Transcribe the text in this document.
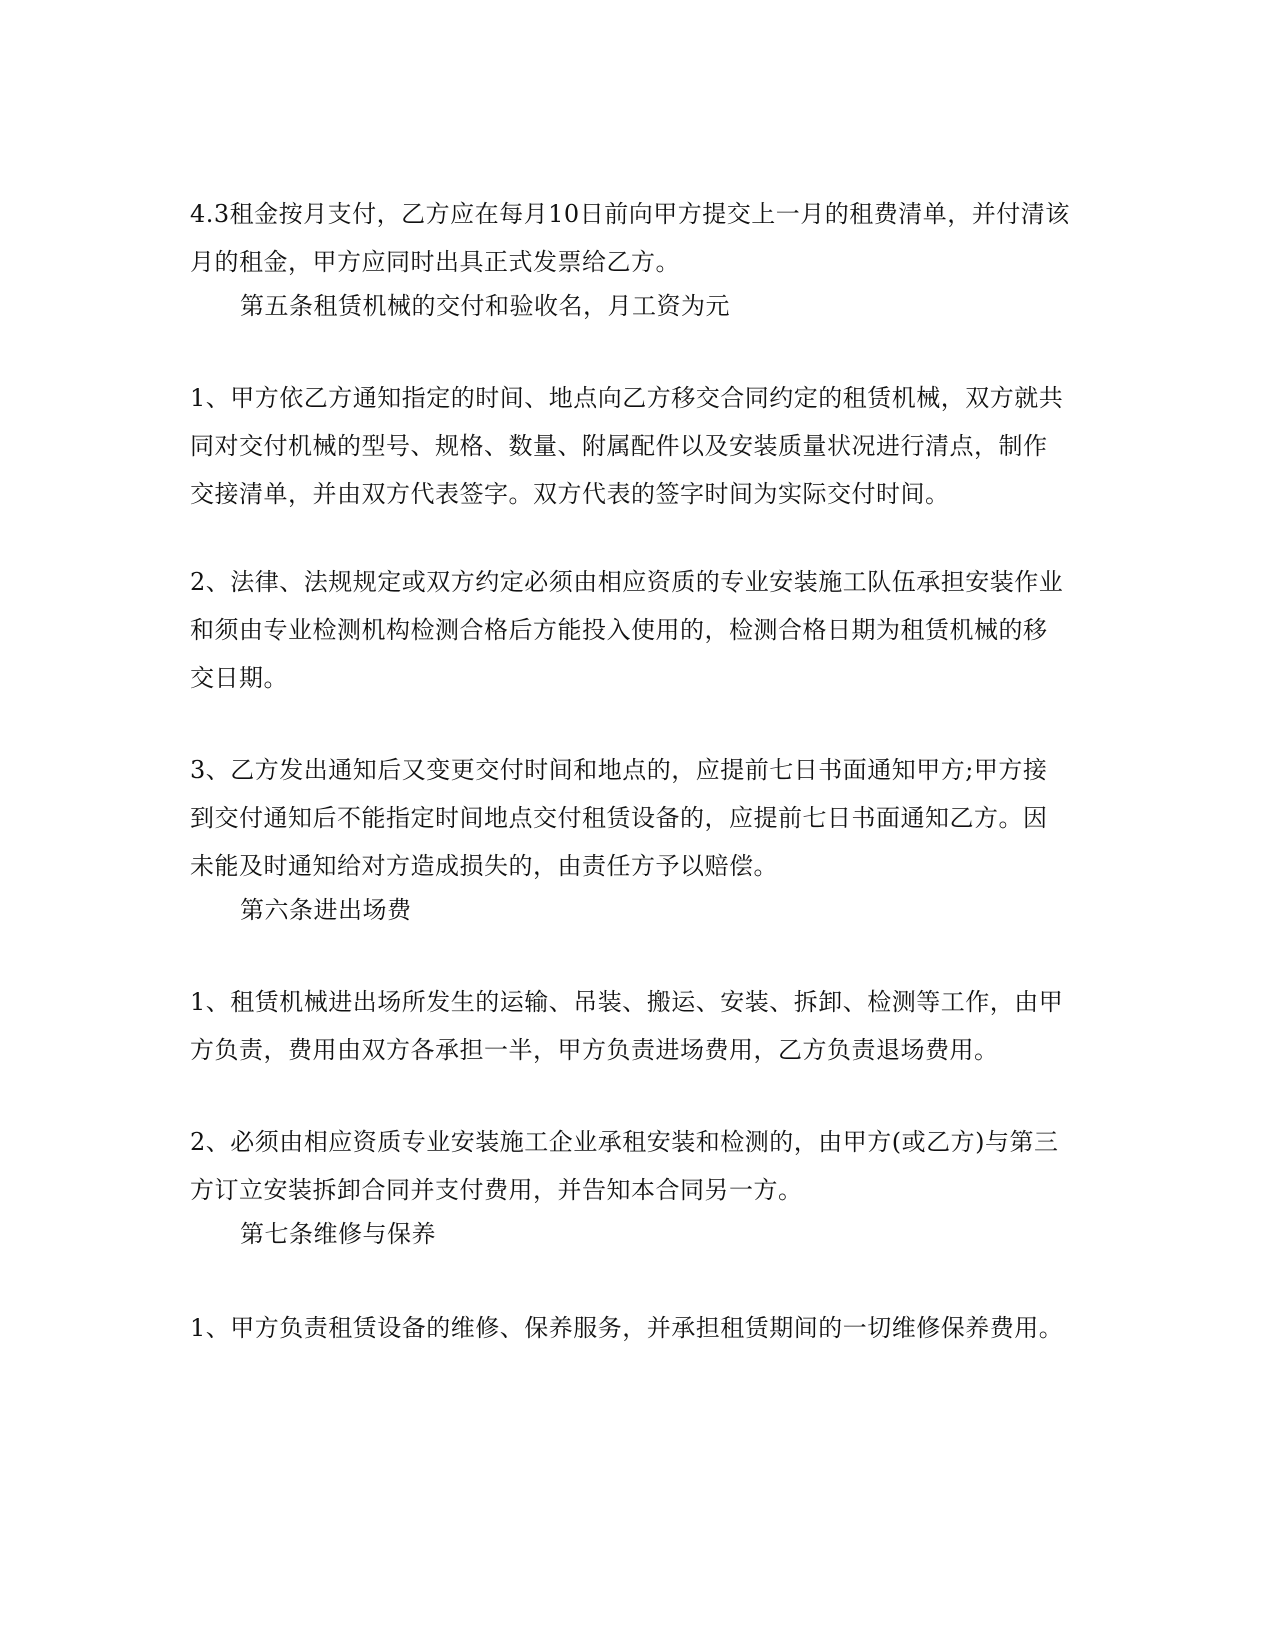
4.3租金按月支付，乙方应在每月10日前向甲方提交上一月的租费清单，并付清该
月的租金，甲方应同时出具正式发票给乙方。
第五条租赁机械的交付和验收名，月工资为元
1、甲方依乙方通知指定的时间、地点向乙方移交合同约定的租赁机械，双方就共
同对交付机械的型号、规格、数量、附属配件以及安装质量状况进行清点，制作
交接清单，并由双方代表签字。双方代表的签字时间为实际交付时间。
2、法律、法规规定或双方约定必须由相应资质的专业安装施工队伍承担安装作业
和须由专业检测机构检测合格后方能投入使用的，检测合格日期为租赁机械的移
交日期。
3、乙方发出通知后又变更交付时间和地点的，应提前七日书面通知甲方;甲方接
到交付通知后不能指定时间地点交付租赁设备的，应提前七日书面通知乙方。因
未能及时通知给对方造成损失的，由责任方予以赔偿。
第六条进出场费
1、租赁机械进出场所发生的运输、吊装、搬运、安装、拆卸、检测等工作，由甲
方负责，费用由双方各承担一半，甲方负责进场费用，乙方负责退场费用。
2、必须由相应资质专业安装施工企业承租安装和检测的，由甲方(或乙方)与第三
方订立安装拆卸合同并支付费用，并告知本合同另一方。
第七条维修与保养
1、甲方负责租赁设备的维修、保养服务，并承担租赁期间的一切维修保养费用。
